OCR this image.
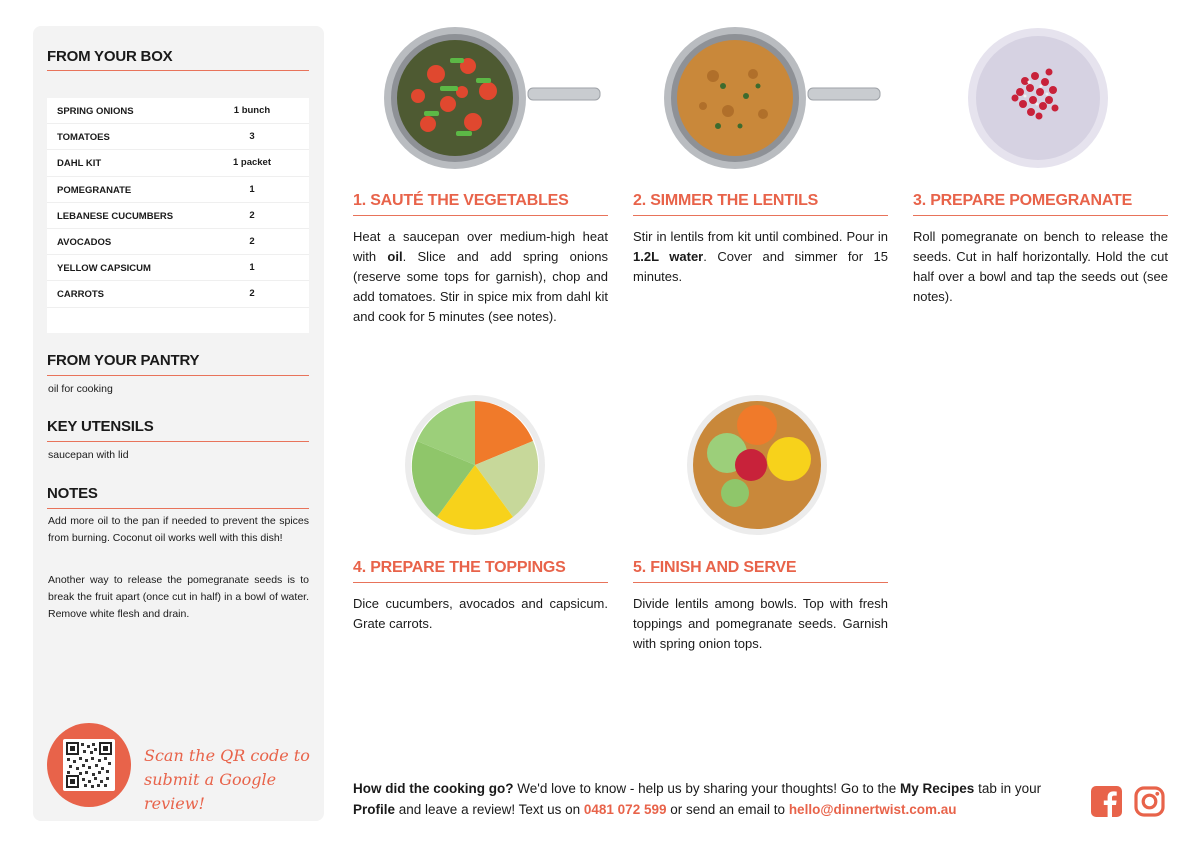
FROM YOUR BOX
SPRING ONIONS	1 bunch
TOMATOES	3
DAHL KIT	1 packet
POMEGRANATE	1
LEBANESE CUCUMBERS	2
AVOCADOS	2
YELLOW CAPSICUM	1
CARROTS	2
FROM YOUR PANTRY
oil for cooking
KEY UTENSILS
saucepan with lid
NOTES
Add more oil to the pan if needed to prevent the spices from burning. Coconut oil works well with this dish!
Another way to release the pomegranate seeds is to break the fruit apart (once cut in half) in a bowl of water. Remove white flesh and drain.
Scan the QR code to
submit a Google review!
1. SAUTÉ THE VEGETABLES
Heat a saucepan over medium-high heat with oil. Slice and add spring onions (reserve some tops for garnish), chop and add tomatoes. Stir in spice mix from dahl kit and cook for 5 minutes (see notes).
2. SIMMER THE LENTILS
Stir in lentils from kit until combined. Pour in 1.2L water. Cover and simmer for 15 minutes.
3. PREPARE POMEGRANATE
Roll pomegranate on bench to release the seeds. Cut in half horizontally. Hold the cut half over a bowl and tap the seeds out (see notes).
4. PREPARE THE TOPPINGS
Dice cucumbers, avocados and capsicum. Grate carrots.
5. FINISH AND SERVE
Divide lentils among bowls. Top with fresh toppings and pomegranate seeds. Garnish with spring onion tops.
How did the cooking go? We'd love to know - help us by sharing your thoughts! Go to the My Recipes tab in your Profile and leave a review! Text us on 0481 072 599 or send an email to hello@dinnertwist.com.au
